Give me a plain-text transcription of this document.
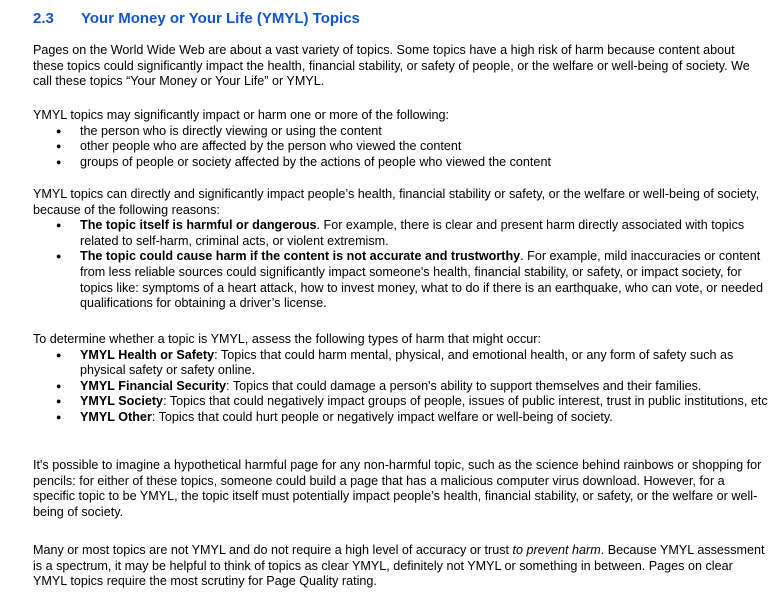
2.3 Your Money or Your Life (YMYL) Topics

Pages on the World Wide Web are about a vast variety of topics. Some topics have a high risk of harm because content about these topics could significantly impact the health, financial stability, or safety of people, or the welfare or well-being of society. We call these topics “Your Money or Your Life” or YMYL.

YMYL topics may significantly impact or harm one or more of the following:

● the person who is directly viewing or using the content
● other people who are affected by the person who viewed the content
● groups of people or society affected by the actions of people who viewed the content

YMYL topics can directly and significantly impact people’s health, financial stability or safety, or the welfare or well-being of society, because of the following reasons:

● The topic itself is harmful or dangerous. For example, there is clear and present harm directly associated with topics related to self-harm, criminal acts, or violent extremism.
● The topic could cause harm if the content is not accurate and trustworthy. For example, mild inaccuracies or content from less reliable sources could significantly impact someone's health, financial stability, or safety, or impact society, for topics like: symptoms of a heart attack, how to invest money, what to do if there is an earthquake, who can vote, or needed qualifications for obtaining a driver’s license.

To determine whether a topic is YMYL, assess the following types of harm that might occur:

● YMYL Health or Safety: Topics that could harm mental, physical, and emotional health, or any form of safety such as physical safety or safety online.
● YMYL Financial Security: Topics that could damage a person's ability to support themselves and their families.
● YMYL Society: Topics that could negatively impact groups of people, issues of public interest, trust in public institutions, etc
● YMYL Other: Topics that could hurt people or negatively impact welfare or well-being of society.

It's possible to imagine a hypothetical harmful page for any non-harmful topic, such as the science behind rainbows or shopping for pencils: for either of these topics, someone could build a page that has a malicious computer virus download. However, for a specific topic to be YMYL, the topic itself must potentially impact people’s health, financial stability, or safety, or the welfare or well-being of society.

Many or most topics are not YMYL and do not require a high level of accuracy or trust to prevent harm. Because YMYL assessment is a spectrum, it may be helpful to think of topics as clear YMYL, definitely not YMYL or something in between. Pages on clear YMYL topics require the most scrutiny for Page Quality rating.
